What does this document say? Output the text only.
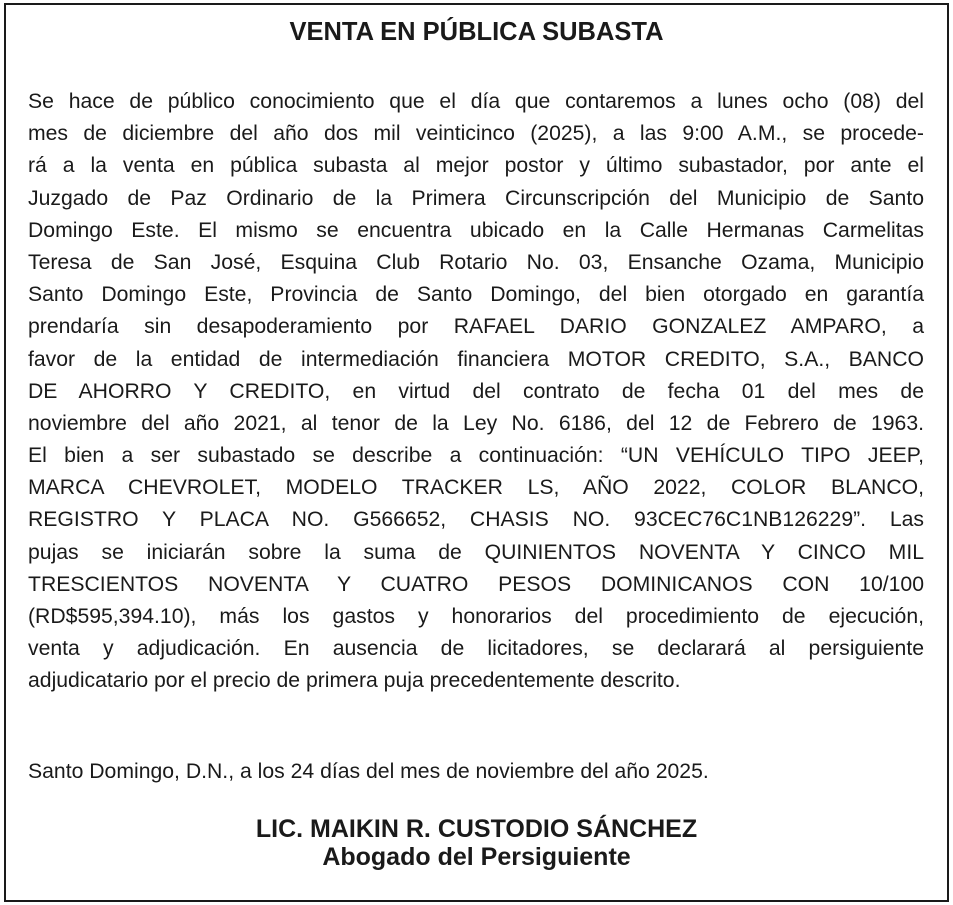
VENTA EN PÚBLICA SUBASTA
Se hace de público conocimiento que el día que contaremos a lunes ocho (08) del
mes de diciembre del año dos mil veinticinco (2025), a las 9:00 A.M., se procede-
rá a la venta en pública subasta al mejor postor y último subastador, por ante el
Juzgado de Paz Ordinario de la Primera Circunscripción del Municipio de Santo
Domingo Este. El mismo se encuentra ubicado en la Calle Hermanas Carmelitas
Teresa de San José, Esquina Club Rotario No. 03, Ensanche Ozama, Municipio
Santo Domingo Este, Provincia de Santo Domingo, del bien otorgado en garantía
prendaría sin desapoderamiento por RAFAEL DARIO GONZALEZ AMPARO, a
favor de la entidad de intermediación financiera MOTOR CREDITO, S.A., BANCO
DE AHORRO Y CREDITO, en virtud del contrato de fecha 01 del mes de
noviembre del año 2021, al tenor de la Ley No. 6186, del 12 de Febrero de 1963.
El bien a ser subastado se describe a continuación: “UN VEHÍCULO TIPO JEEP,
MARCA CHEVROLET, MODELO TRACKER LS, AÑO 2022, COLOR BLANCO,
REGISTRO Y PLACA NO. G566652, CHASIS NO. 93CEC76C1NB126229”. Las
pujas se iniciarán sobre la suma de QUINIENTOS NOVENTA Y CINCO MIL
TRESCIENTOS NOVENTA Y CUATRO PESOS DOMINICANOS CON 10/100
(RD$595,394.10), más los gastos y honorarios del procedimiento de ejecución,
venta y adjudicación. En ausencia de licitadores, se declarará al persiguiente
adjudicatario por el precio de primera puja precedentemente descrito.

Santo Domingo, D.N., a los 24 días del mes de noviembre del año 2025.

LIC. MAIKIN R. CUSTODIO SÁNCHEZ

Abogado del Persiguiente
